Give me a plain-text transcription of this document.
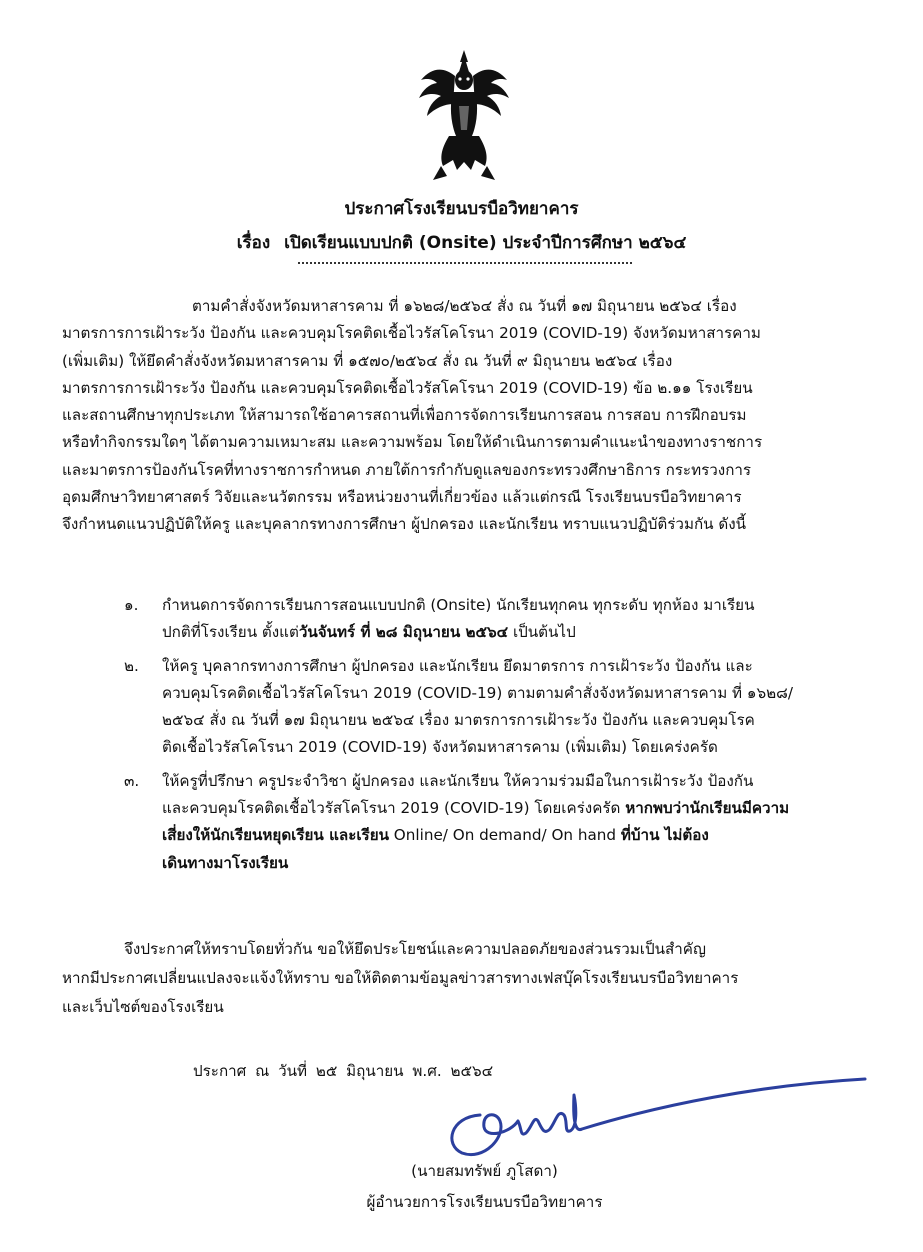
ประกาศโรงเรียนบรบือวิทยาคาร
เรื่อง เปิดเรียนแบบปกติ (Onsite) ประจำปีการศึกษา ๒๕๖๔

ตามคำสั่งจังหวัดมหาสารคาม ที่ ๑๖๒๘/๒๕๖๔ สั่ง ณ วันที่ ๑๗ มิถุนายน ๒๕๖๔ เรื่อง

มาตรการการเฝ้าระวัง ป้องกัน และควบคุมโรคติดเชื้อไวรัสโคโรนา 2019 (COVID-19) จังหวัดมหาสารคาม

(เพิ่มเติม) ให้ยึดคำสั่งจังหวัดมหาสารคาม ที่ ๑๕๗๐/๒๕๖๔ สั่ง ณ วันที่ ๙ มิถุนายน ๒๕๖๔ เรื่อง

มาตรการการเฝ้าระวัง ป้องกัน และควบคุมโรคติดเชื้อไวรัสโคโรนา 2019 (COVID-19) ข้อ ๒.๑๑ โรงเรียน

และสถานศึกษาทุกประเภท ให้สามารถใช้อาคารสถานที่เพื่อการจัดการเรียนการสอน การสอบ การฝึกอบรม

หรือทำกิจกรรมใดๆ ได้ตามความเหมาะสม และความพร้อม โดยให้ดำเนินการตามคำแนะนำของทางราชการ

และมาตรการป้องกันโรคที่ทางราชการกำหนด ภายใต้การกำกับดูแลของกระทรวงศึกษาธิการ กระทรวงการ

อุดมศึกษาวิทยาศาสตร์ วิจัยและนวัตกรรม หรือหน่วยงานที่เกี่ยวข้อง แล้วแต่กรณี โรงเรียนบรบือวิทยาคาร

จึงกำหนดแนวปฏิบัติให้ครู และบุคลากรทางการศึกษา ผู้ปกครอง และนักเรียน ทราบแนวปฏิบัติร่วมกัน ดังนี้

๑. กำหนดการจัดการเรียนการสอนแบบปกติ (Onsite) นักเรียนทุกคน ทุกระดับ ทุกห้อง มาเรียน

ปกติที่โรงเรียน ตั้งแต่วันจันทร์ ที่ ๒๘ มิถุนายน ๒๕๖๔ เป็นต้นไป

๒. ให้ครู บุคลากรทางการศึกษา ผู้ปกครอง และนักเรียน ยึดมาตรการ การเฝ้าระวัง ป้องกัน และ

ควบคุมโรคติดเชื้อไวรัสโคโรนา 2019 (COVID-19) ตามตามคำสั่งจังหวัดมหาสารคาม ที่ ๑๖๒๘/

๒๕๖๔ สั่ง ณ วันที่ ๑๗ มิถุนายน ๒๕๖๔ เรื่อง มาตรการการเฝ้าระวัง ป้องกัน และควบคุมโรค

ติดเชื้อไวรัสโคโรนา 2019 (COVID-19) จังหวัดมหาสารคาม (เพิ่มเติม) โดยเคร่งครัด

๓. ให้ครูที่ปรึกษา ครูประจำวิชา ผู้ปกครอง และนักเรียน ให้ความร่วมมือในการเฝ้าระวัง ป้องกัน

และควบคุมโรคติดเชื้อไวรัสโคโรนา 2019 (COVID-19) โดยเคร่งครัด หากพบว่านักเรียนมีความ

เสี่ยงให้นักเรียนหยุดเรียน และเรียน Online/ On demand/ On hand ที่บ้าน ไม่ต้อง

เดินทางมาโรงเรียน

จึงประกาศให้ทราบโดยทั่วกัน ขอให้ยึดประโยชน์และความปลอดภัยของส่วนรวมเป็นสำคัญ

หากมีประกาศเปลี่ยนแปลงจะแจ้งให้ทราบ ขอให้ติดตามข้อมูลข่าวสารทางเฟสบุ๊คโรงเรียนบรบือวิทยาคาร

และเว็บไซต์ของโรงเรียน

ประกาศ ณ วันที่ ๒๕ มิถุนายน พ.ศ. ๒๕๖๔
(นายสมทรัพย์ ภูโสดา)
ผู้อำนวยการโรงเรียนบรบือวิทยาคาร
